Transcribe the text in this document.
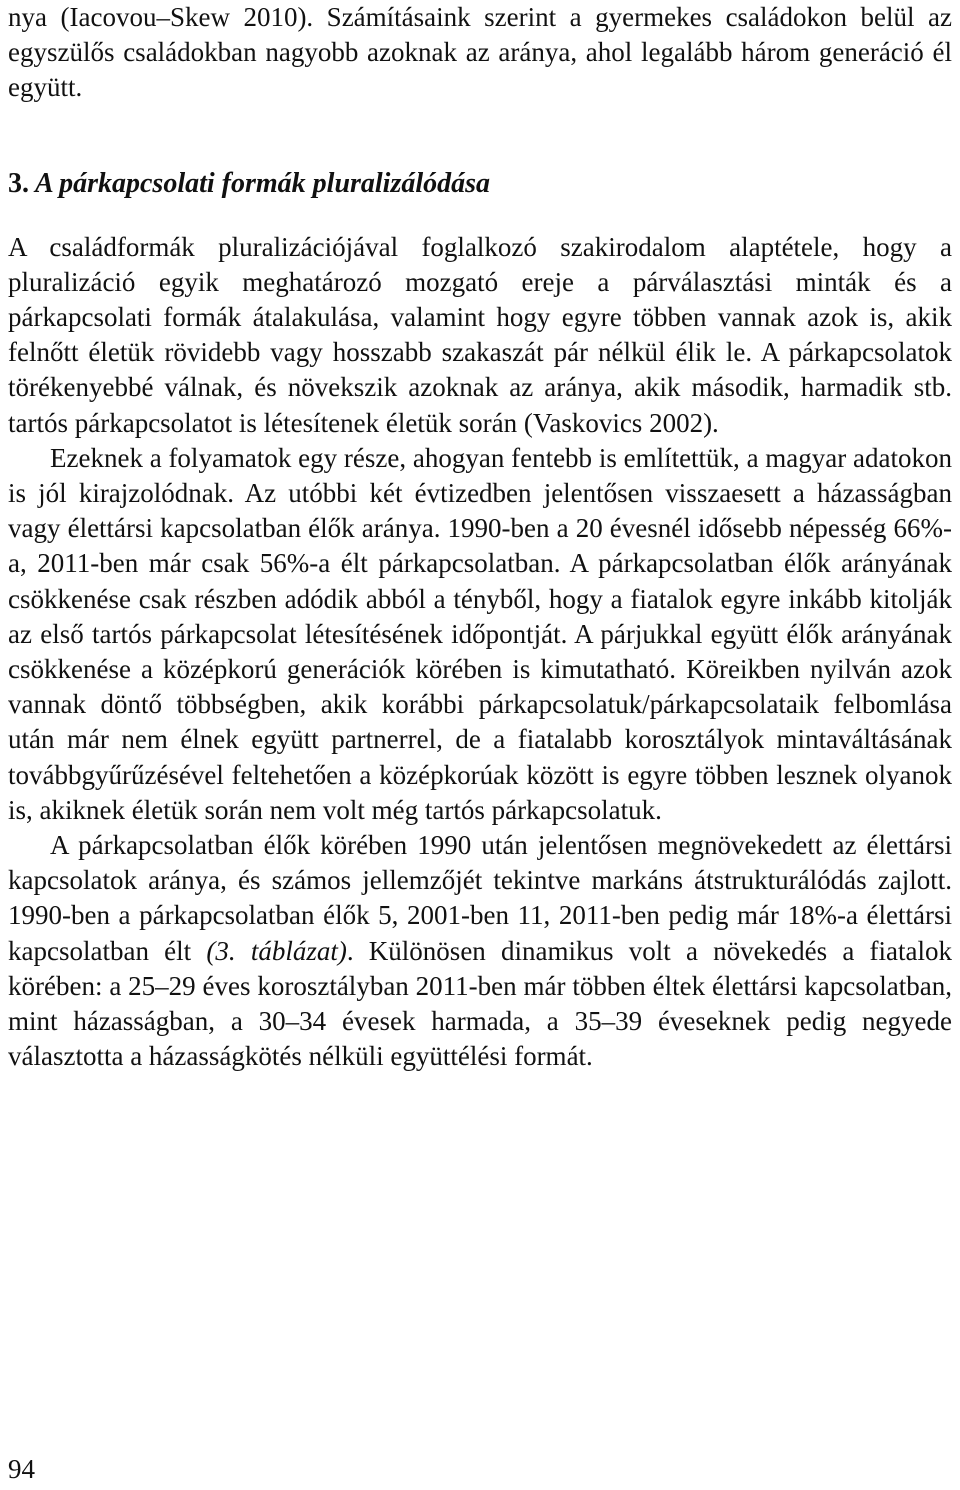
nya (Iacovou–Skew 2010). Számításaink szerint a gyermekes családokon belül az egyszülős családokban nagyobb azoknak az aránya, ahol legalább három generáció él együtt.

3. A párkapcsolati formák pluralizálódása

A családformák pluralizációjával foglalkozó szakirodalom alaptétele, hogy a pluralizáció egyik meghatározó mozgató ereje a párválasztási minták és a párkapcsolati formák átalakulása, valamint hogy egyre többen vannak azok is, akik felnőtt életük rövidebb vagy hosszabb szakaszát pár nélkül élik le. A párkapcsolatok törékenyebbé válnak, és növekszik azoknak az aránya, akik második, harmadik stb. tartós párkapcsolatot is létesítenek életük során (Vaskovics 2002).

Ezeknek a folyamatok egy része, ahogyan fentebb is említettük, a magyar adatokon is jól kirajzolódnak. Az utóbbi két évtizedben jelentősen visszaesett a házasságban vagy élettársi kapcsolatban élők aránya. 1990-ben a 20 évesnél idősebb népesség 66%-a, 2011-ben már csak 56%-a élt párkapcsolatban. A párkapcsolatban élők arányának csökkenése csak részben adódik abból a tényből, hogy a fiatalok egyre inkább kitolják az első tartós párkapcsolat létesítésének időpontját. A párjukkal együtt élők arányának csökkenése a középkorú generációk körében is kimutatható. Köreikben nyilván azok vannak döntő többségben, akik korábbi párkapcsolatuk/párkapcsolataik felbomlása után már nem élnek együtt partnerrel, de a fiatalabb korosztályok mintaváltásának továbbgyűrűzésével feltehetően a középkorúak között is egyre többen lesznek olyanok is, akiknek életük során nem volt még tartós párkapcsolatuk.

A párkapcsolatban élők körében 1990 után jelentősen megnövekedett az élettársi kapcsolatok aránya, és számos jellemzőjét tekintve markáns átstrukturálódás zajlott. 1990-ben a párkapcsolatban élők 5, 2001-ben 11, 2011-ben pedig már 18%-a élettársi kapcsolatban élt (3. táblázat). Különösen dinamikus volt a növekedés a fiatalok körében: a 25–29 éves korosztályban 2011-ben már többen éltek élettársi kapcsolatban, mint házasságban, a 30–34 évesek harmada, a 35–39 éveseknek pedig negyede választotta a házasságkötés nélküli együttélési formát.

94
